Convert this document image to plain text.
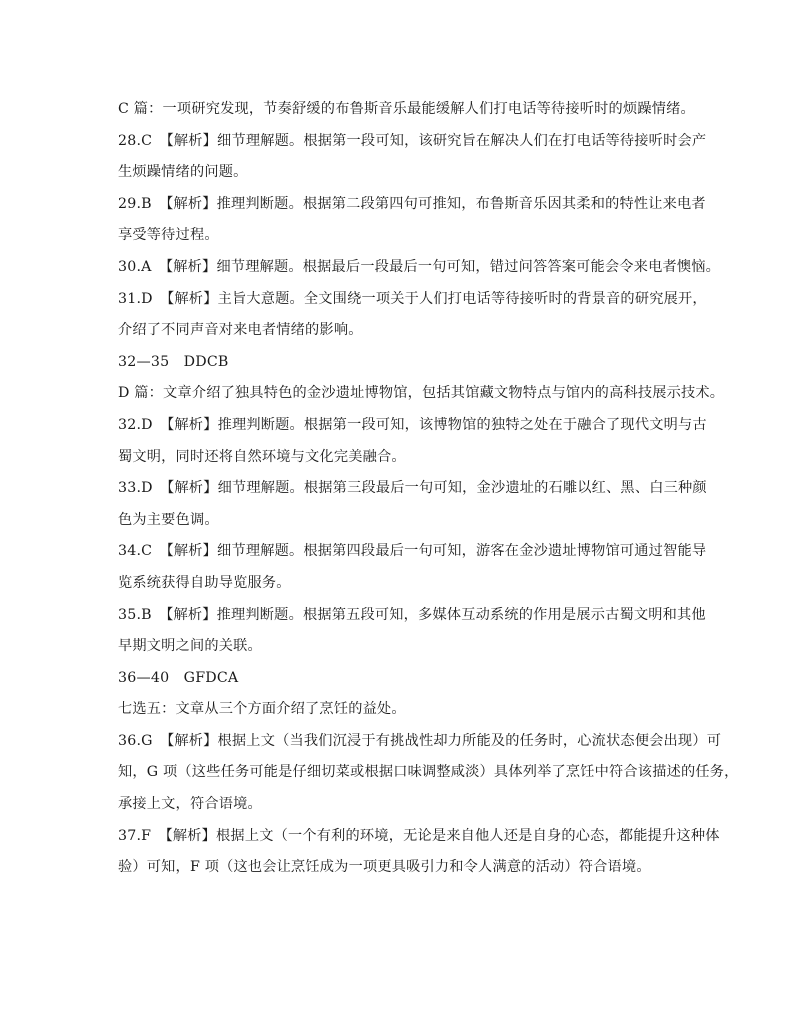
C 篇：一项研究发现，节奏舒缓的布鲁斯音乐最能缓解人们打电话等待接听时的烦躁情绪。
28.C　【解析】细节理解题。根据第一段可知，该研究旨在解决人们在打电话等待接听时会产
生烦躁情绪的问题。
29.B　【解析】推理判断题。根据第二段第四句可推知，布鲁斯音乐因其柔和的特性让来电者
享受等待过程。
30.A　【解析】细节理解题。根据最后一段最后一句可知，错过问答答案可能会令来电者懊恼。
31.D　【解析】主旨大意题。全文围绕一项关于人们打电话等待接听时的背景音的研究展开，
介绍了不同声音对来电者情绪的影响。
32—35　DDCB
D 篇：文章介绍了独具特色的金沙遗址博物馆，包括其馆藏文物特点与馆内的高科技展示技术。
32.D　【解析】推理判断题。根据第一段可知，该博物馆的独特之处在于融合了现代文明与古
蜀文明，同时还将自然环境与文化完美融合。
33.D　【解析】细节理解题。根据第三段最后一句可知，金沙遗址的石雕以红、黑、白三种颜
色为主要色调。
34.C　【解析】细节理解题。根据第四段最后一句可知，游客在金沙遗址博物馆可通过智能导
览系统获得自助导览服务。
35.B　【解析】推理判断题。根据第五段可知，多媒体互动系统的作用是展示古蜀文明和其他
早期文明之间的关联。
36—40　GFDCA
七选五：文章从三个方面介绍了烹饪的益处。
36.G　【解析】根据上文（当我们沉浸于有挑战性却力所能及的任务时，心流状态便会出现）可
知，G 项（这些任务可能是仔细切菜或根据口味调整咸淡）具体列举了烹饪中符合该描述的任务，
承接上文，符合语境。
37.F　【解析】根据上文（一个有利的环境，无论是来自他人还是自身的心态，都能提升这种体
验）可知，F 项（这也会让烹饪成为一项更具吸引力和令人满意的活动）符合语境。
